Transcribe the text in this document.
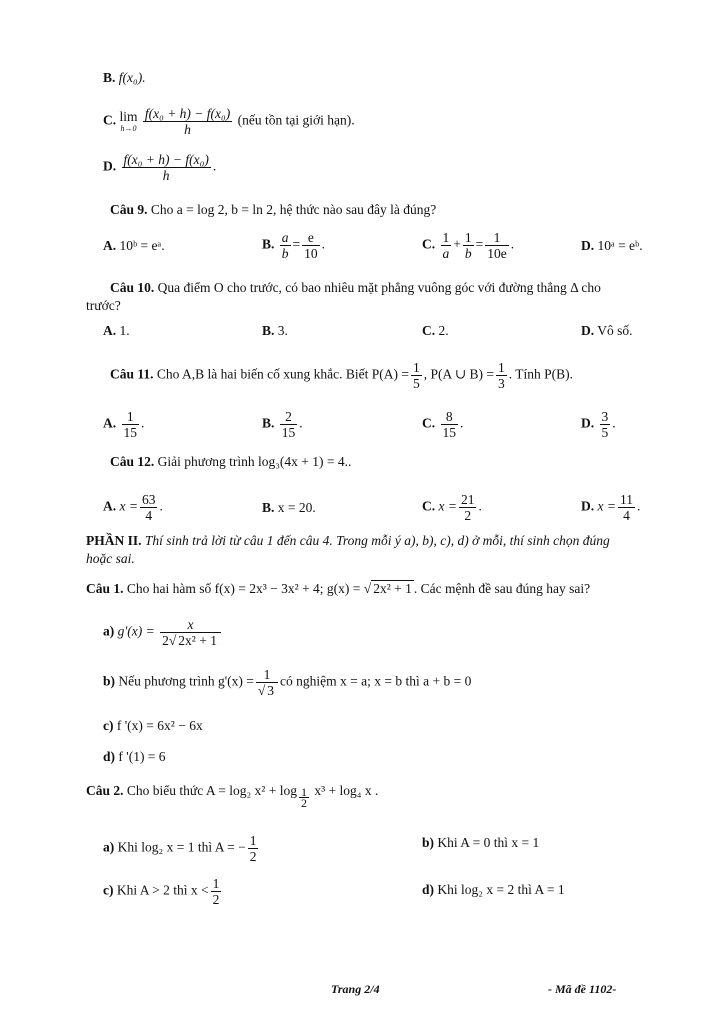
B. f(x₀).
C. lim
h→0
$\frac{\text{f(x₀ + h) − f(x₀)}}{h}$ (nếu tồn tại giới hạn).
D. $\frac{\text{f(x₀ + h) − f(x₀)}}{h}$ .
Câu 9. Cho a = log 2, b = ln 2, hệ thức nào sau đây là đúng?
A. 10ᵇ = eᵃ.	B. $\frac{a}{b} = \frac{e}{10}$ .	C. $\frac{1}{a} + \frac{1}{b} = \frac{1}{10e}$ .	D. 10ᵃ = eᵇ.
Câu 10. Qua điểm O cho trước, có bao nhiêu mặt phẳng vuông góc với đường thẳng Δ cho
trước?
A. 1.	B. 3.	C. 2.	D. Vô số.
Câu 11. Cho A,B là hai biến cố xung khắc. Biết $P(A) = \frac{1}{5}$ , P(A ∪ $B) = \frac{1}{3}$ . Tính P(B).
A. $\frac{1}{15}$ .	B. $\frac{2}{15}$ .	C. $\frac{8}{15}$ .	D. $\frac{3}{5}$ .
Câu 12. Giải phương trình log₃(4x + 1) = 4..
A. $x = \frac{63}{4}$ .	B. x = 20.	C. $x = \frac{21}{2}$ .	D. $x = \frac{11}{4}$ .
PHẦN II. Thí sinh trả lời từ câu 1 đến câu 4. Trong mỗi ý a), b), c), d) ở mỗi, thí sinh chọn đúng
hoặc sai.
Câu 1. Cho hai hàm số f(x) = 2x³ − 3x² + 4; g(x) = √ 2x² + 1 . Các mệnh đề sau đúng hay sai?
a) $g'(x) = \frac{x}{\text{2√ 2x² + 1}}$
b) Nếu phương trình $g'(x) = \frac{1}{√ 3}$ có nghiệm x = a; x = b thì a + b = 0
c) f '(x) = 6x² − 6x
d) f '(1) = 6
Câu 2. Cho biểu thức A = log₂ $x^2 + \log \frac{1}{2} x^3 + \log_4$ x .
a) Khi log₂ x = 1 thì A = − $\frac{1}{2}$	b) Khi A = 0 thì x = 1
c) Khi A > 2 thì $x < \frac{1}{2}$	d) Khi log₂ x = 2 thì A = 1
Trang 2/4	- Mã đề 1102-
